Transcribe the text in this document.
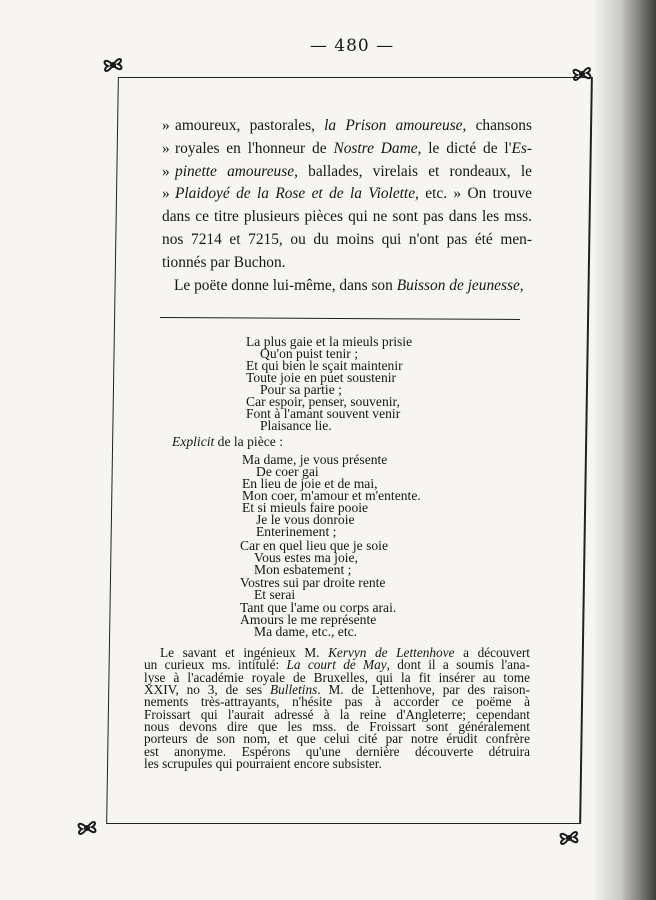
— 480 —
» amoureux, pastorales, la Prison amoureuse, chansons
» royales en l'honneur de Nostre Dame, le dicté de l'Es-
» pinette amoureuse, ballades, virelais et rondeaux, le
» Plaidoyé de la Rose et de la Violette, etc. » On trouve
dans ce titre plusieurs pièces qui ne sont pas dans les mss.
nos 7214 et 7215, ou du moins qui n'ont pas été men-
tionnés par Buchon.
Le poëte donne lui-même, dans son Buisson de jeunesse,
La plus gaie et la mieuls prisie
Qu'on puist tenir ;
Et qui bien le sçait maintenir
Toute joie en puet soustenir
Pour sa partie ;
Car espoir, penser, souvenir,
Font à l'amant souvent venir
Plaisance lie.
Explicit de la pièce :
Ma dame, je vous présente
De coer gai
En lieu de joie et de mai,
Mon coer, m'amour et m'entente.
Et si mieuls faire pooie
Je le vous donroie
Enterinement ;
Car en quel lieu que je soie
Vous estes ma joie,
Mon esbatement ;
Vostres sui par droite rente
Et serai
Tant que l'ame ou corps arai.
Amours le me représente
Ma dame, etc., etc.
Le savant et ingénieux M. Kervyn de Lettenhove a découvert
un curieux ms. intitulé: La court de May, dont il a soumis l'ana-
lyse à l'académie royale de Bruxelles, qui la fit insérer au tome
XXIV, no 3, de ses Bulletins. M. de Lettenhove, par des raison-
nements très-attrayants, n'hésite pas à accorder ce poëme à
Froissart qui l'aurait adressé à la reine d'Angleterre; cependant
nous devons dire que les mss. de Froissart sont généralement
porteurs de son nom, et que celui cité par notre érudit confrère
est anonyme. Espérons qu'une dernière découverte détruira
les scrupules qui pourraient encore subsister.
